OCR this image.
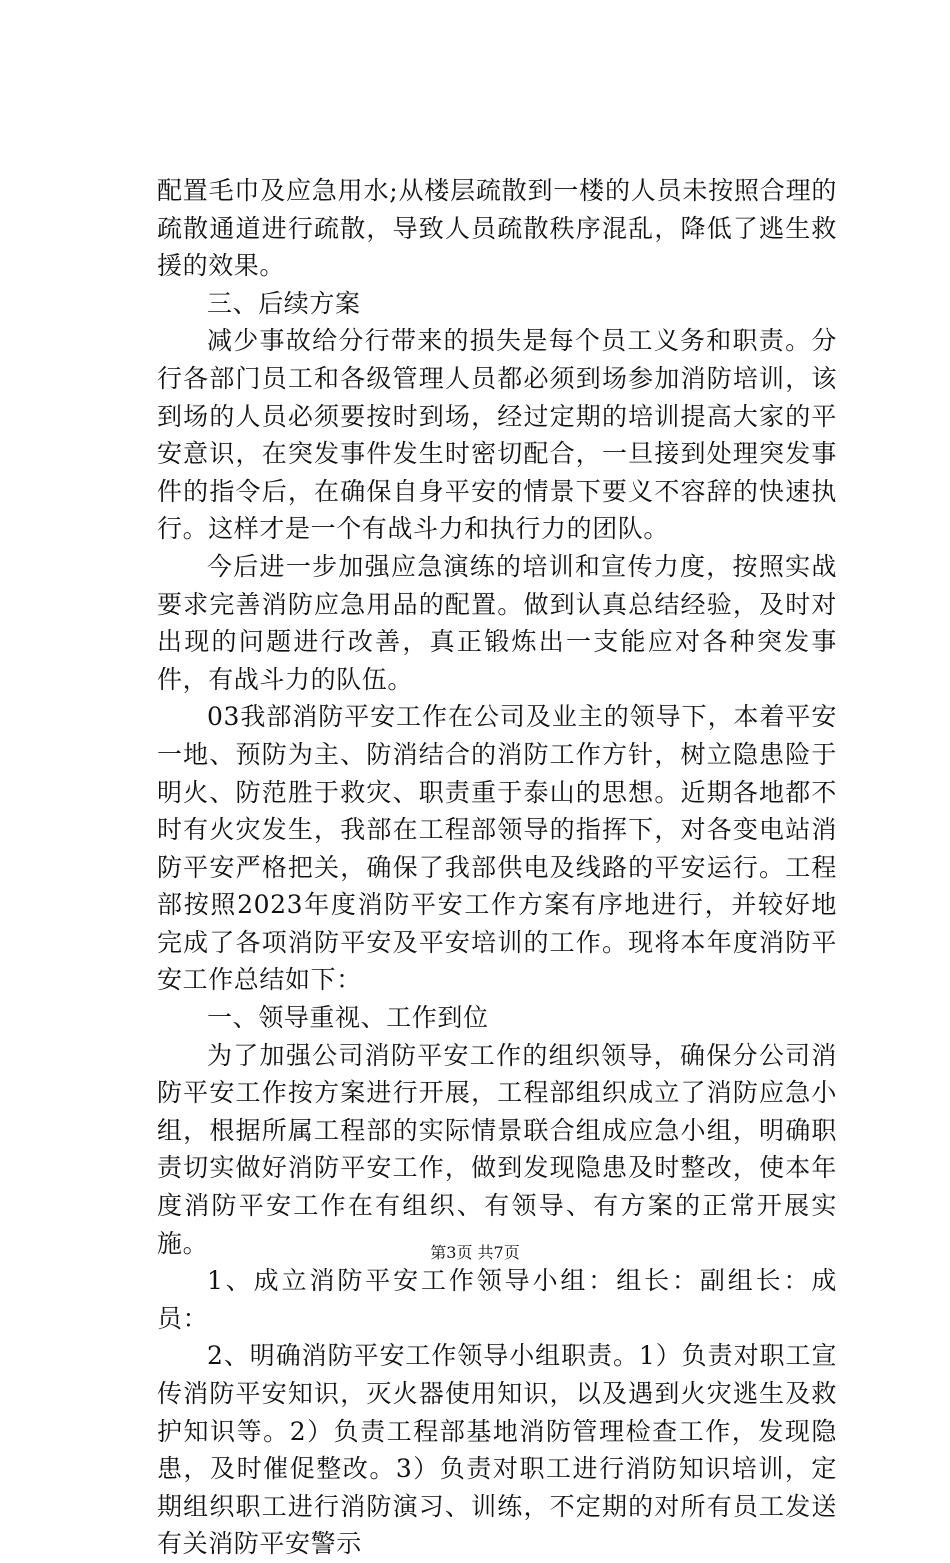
配置毛巾及应急用水;从楼层疏散到一楼的人员未按照合理的疏散通道进行疏散，导致人员疏散秩序混乱，降低了逃生救援的效果。

三、后续方案

减少事故给分行带来的损失是每个员工义务和职责。分行各部门员工和各级管理人员都必须到场参加消防培训，该到场的人员必须要按时到场，经过定期的培训提高大家的平安意识，在突发事件发生时密切配合，一旦接到处理突发事件的指令后，在确保自身平安的情景下要义不容辞的快速执行。这样才是一个有战斗力和执行力的团队。

今后进一步加强应急演练的培训和宣传力度，按照实战要求完善消防应急用品的配置。做到认真总结经验，及时对出现的问题进行改善，真正锻炼出一支能应对各种突发事件，有战斗力的队伍。

03我部消防平安工作在公司及业主的领导下，本着平安一地、预防为主、防消结合的消防工作方针，树立隐患险于明火、防范胜于救灾、职责重于泰山的思想。近期各地都不时有火灾发生，我部在工程部领导的指挥下，对各变电站消防平安严格把关，确保了我部供电及线路的平安运行。工程部按照2023年度消防平安工作方案有序地进行，并较好地完成了各项消防平安及平安培训的工作。现将本年度消防平安工作总结如下：

一、领导重视、工作到位

为了加强公司消防平安工作的组织领导，确保分公司消防平安工作按方案进行开展，工程部组织成立了消防应急小组，根据所属工程部的实际情景联合组成应急小组，明确职责切实做好消防平安工作，做到发现隐患及时整改，使本年度消防平安工作在有组织、有领导、有方案的正常开展实施。

1、成立消防平安工作领导小组：组长：副组长：成员：

2、明确消防平安工作领导小组职责。1）负责对职工宣传消防平安知识，灭火器使用知识，以及遇到火灾逃生及救护知识等。2）负责工程部基地消防管理检查工作，发现隐患，及时催促整改。3）负责对职工进行消防知识培训，定期组织职工进行消防演习、训练，不定期的对所有员工发送有关消防平安警示

第3页 共7页
